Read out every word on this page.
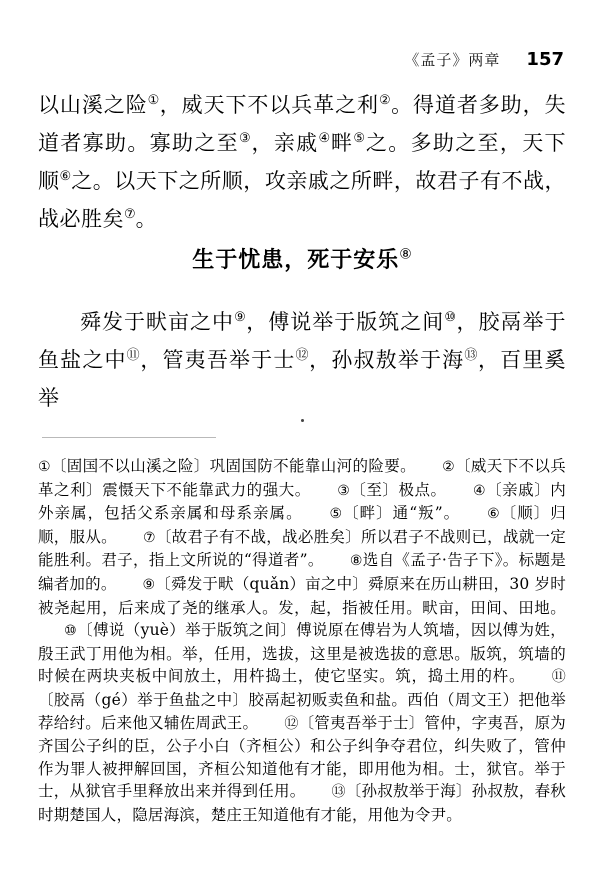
《孟子》两章 157

以山溪之险①，威天下不以兵革之利②。得道者多助，失道者寡助。寡助之至③，亲戚④畔⑤之。多助之至，天下顺⑥之。以天下之所顺，攻亲戚之所畔，故君子有不战，战必胜矣⑦。

生于忧患，死于安乐⑧

舜发于畎亩之中⑨，傅说举于版筑之间⑩，胶鬲举于鱼盐之中⑪，管夷吾举于士⑫，孙叔敖举于海⑬，百里奚举

①〔固国不以山溪之险〕巩固国防不能靠山河的险要。 ②〔威天下不以兵革之利〕震慑天下不能靠武力的强大。 ③〔至〕极点。 ④〔亲戚〕内外亲属，包括父系亲属和母系亲属。 ⑤〔畔〕通“叛”。 ⑥〔顺〕归顺，服从。 ⑦〔故君子有不战，战必胜矣〕所以君子不战则已，战就一定能胜利。君子，指上文所说的“得道者”。 ⑧选自《孟子·告子下》。标题是编者加的。 ⑨〔舜发于畎（quǎn）亩之中〕舜原来在历山耕田，30 岁时被尧起用，后来成了尧的继承人。发，起，指被任用。畎亩，田间、田地。⑩〔傅说（yuè）举于版筑之间〕傅说原在傅岩为人筑墙，因以傅为姓，殷王武丁用他为相。举，任用，选拔，这里是被选拔的意思。版筑，筑墙的时候在两块夹板中间放土，用杵捣土，使它坚实。筑，捣土用的杵。 ⑪〔胶鬲（gé）举于鱼盐之中〕胶鬲起初贩卖鱼和盐。西伯（周文王）把他举荐给纣。后来他又辅佐周武王。 ⑫〔管夷吾举于士〕管仲，字夷吾，原为齐国公子纠的臣，公子小白（齐桓公）和公子纠争夺君位，纠失败了，管仲作为罪人被押解回国，齐桓公知道他有才能，即用他为相。士，狱官。举于士，从狱官手里释放出来并得到任用。 ⑬〔孙叔敖举于海〕孙叔敖，春秋时期楚国人，隐居海滨，楚庄王知道他有才能，用他为令尹。
